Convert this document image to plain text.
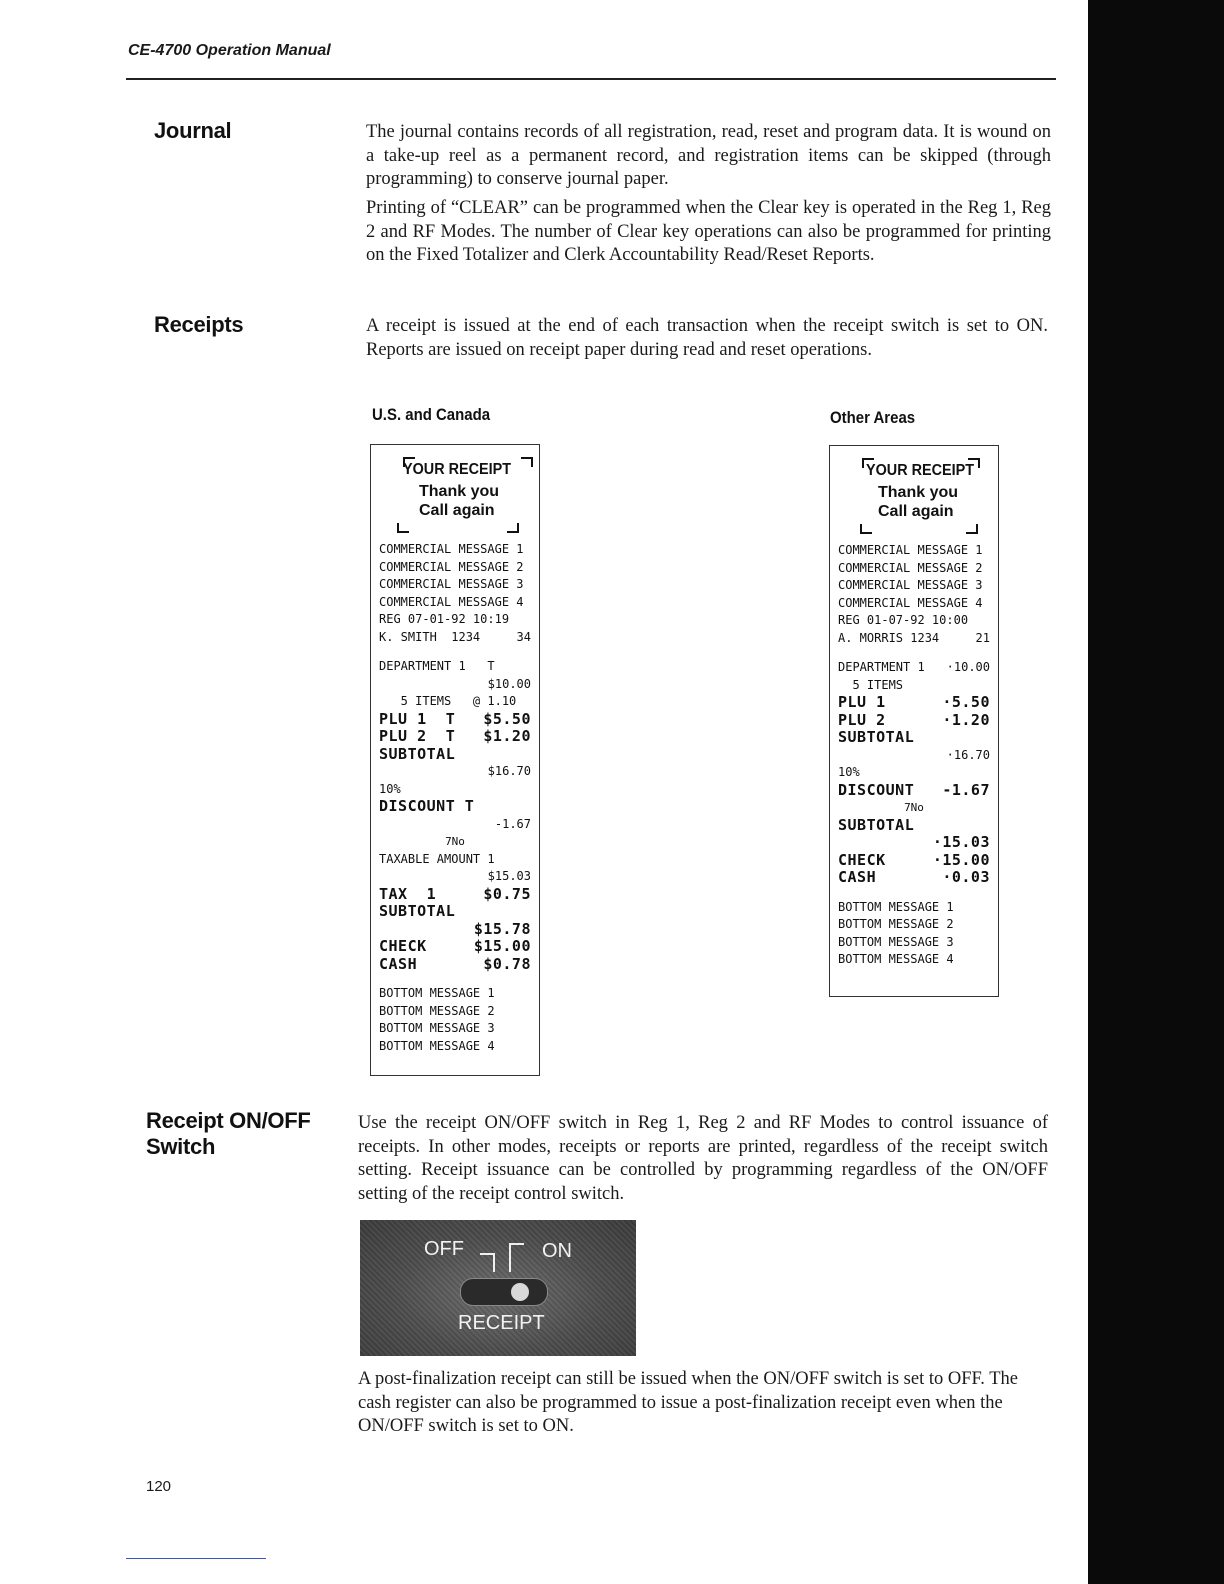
CE-4700 Operation Manual
Journal	The journal contains records of all registration, read, reset and program data. It is wound on a take-up reel as a permanent record, and registration items can be skipped (through programming) to conserve journal paper.
Printing of “CLEAR” can be programmed when the Clear key is operated in the Reg 1, Reg 2 and RF Modes. The number of Clear key operations can also be programmed for printing on the Fixed Totalizer and Clerk Accountability Read/Reset Reports.
Receipts	A receipt is issued at the end of each transaction when the receipt switch is set to ON. Reports are issued on receipt paper during read and reset operations.
U.S. and Canada	Other Areas
YOUR RECEIPT
Thank you
Call again
COMMERCIAL MESSAGE 1
COMMERCIAL MESSAGE 2
COMMERCIAL MESSAGE 3
COMMERCIAL MESSAGE 4
REG 07-01-92 10:19
K. SMITH  1234	34
DEPARTMENT 1   T
$10.00
5 ITEMS   @ 1.10
PLU 1  T $5.50
PLU 2  T $1.20
SUBTOTAL
$16.70
10%
DISCOUNT T
-1.67
7No
TAXABLE AMOUNT 1
$15.03
TAX  1	$0.75
SUBTOTAL
$15.78
CHECK	$15.00
CASH	$0.78
BOTTOM MESSAGE 1
BOTTOM MESSAGE 2
BOTTOM MESSAGE 3
BOTTOM MESSAGE 4
YOUR RECEIPT
Thank you
Call again
COMMERCIAL MESSAGE 1
COMMERCIAL MESSAGE 2
COMMERCIAL MESSAGE 3
COMMERCIAL MESSAGE 4
REG 01-07-92 10:00
A. MORRIS 1234	21
DEPARTMENT 1 ·10.00
5 ITEMS
PLU 1	·5.50
PLU 2	·1.20
SUBTOTAL
·16.70
10%
DISCOUNT -1.67
7No
SUBTOTAL
·15.03
CHECK	·15.00
CASH	·0.03
BOTTOM MESSAGE 1
BOTTOM MESSAGE 2
BOTTOM MESSAGE 3
BOTTOM MESSAGE 4
Receipt ON/OFF
Switch
Use the receipt ON/OFF switch in Reg 1, Reg 2 and RF Modes to control issuance of receipts. In other modes, receipts or reports are printed, regardless of the receipt switch setting. Receipt issuance can be controlled by programming regardless of the ON/OFF setting of the receipt control switch.
OFF	ON
RECEIPT
A post-finalization receipt can still be issued when the ON/OFF switch is set to OFF. The cash register can also be programmed to issue a post-finalization receipt even when the ON/OFF switch is set to ON.
120
